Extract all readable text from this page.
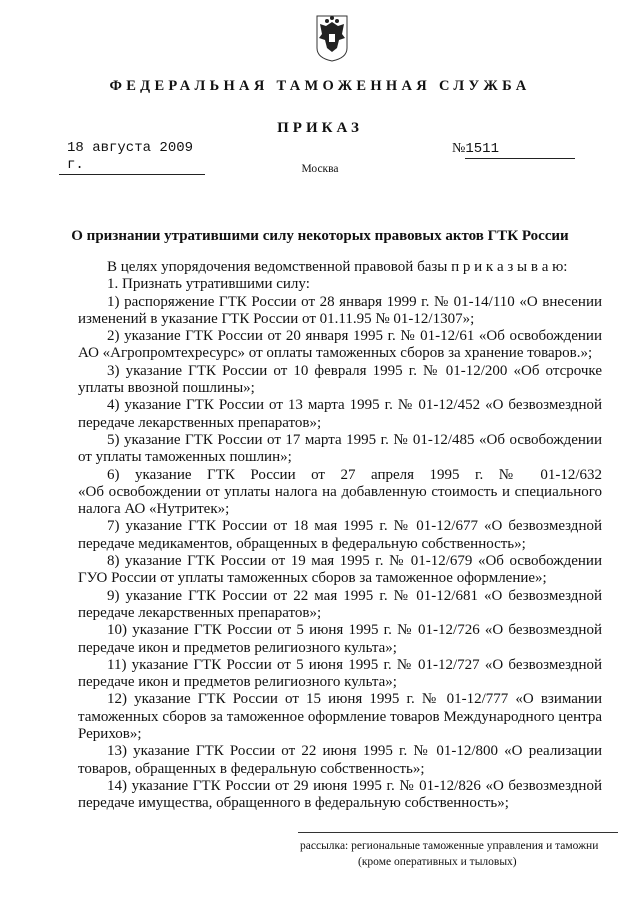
ФЕДЕРАЛЬНАЯ ТАМОЖЕННАЯ СЛУЖБА
ПРИКАЗ
18 августа 2009 г.
№1511
Москва
О признании утратившими силу некоторых правовых актов ГТК России
В целях упорядочения ведомственной правовой базы п р и к а з ы в а ю:
1. Признать утратившими силу:
1) распоряжение ГТК России от 28 января 1999 г. № 01-14/110 «О внесении
изменений в указание ГТК России от 01.11.95 № 01-12/1307»;
2) указание ГТК России от 20 января 1995 г. № 01-12/61 «Об освобождении
АО «Агропромтехресурс» от оплаты таможенных сборов за хранение товаров.»;
3) указание ГТК России от 10 февраля 1995 г. № 01-12/200 «Об отсрочке
уплаты ввозной пошлины»;
4) указание ГТК России от 13 марта 1995 г. № 01-12/452 «О безвозмездной
передаче лекарственных препаратов»;
5) указание ГТК России от 17 марта 1995 г. № 01-12/485 «Об освобождении
от уплаты таможенных пошлин»;
6) указание ГТК России от 27 апреля 1995 г. № 01-12/632
«Об освобождении от уплаты налога на добавленную стоимость и специального
налога АО «Нутритек»;
7) указание ГТК России от 18 мая 1995 г. № 01-12/677 «О безвозмездной
передаче медикаментов, обращенных в федеральную собственность»;
8) указание ГТК России от 19 мая 1995 г. № 01-12/679 «Об освобождении
ГУО России от уплаты таможенных сборов за таможенное оформление»;
9) указание ГТК России от 22 мая 1995 г. № 01-12/681 «О безвозмездной
передаче лекарственных препаратов»;
10) указание ГТК России от 5 июня 1995 г. № 01-12/726 «О безвозмездной
передаче икон и предметов религиозного культа»;
11) указание ГТК России от 5 июня 1995 г. № 01-12/727 «О безвозмездной
передаче икон и предметов религиозного культа»;
12) указание ГТК России от 15 июня 1995 г. № 01-12/777 «О взимании
таможенных сборов за таможенное оформление товаров Международного центра
Рерихов»;
13) указание ГТК России от 22 июня 1995 г. № 01-12/800 «О реализации
товаров, обращенных в федеральную собственность»;
14) указание ГТК России от 29 июня 1995 г. № 01-12/826 «О безвозмездной
передаче имущества, обращенного в федеральную собственность»;
рассылка: региональные таможенные управления и таможни
(кроме оперативных и тыловых)
